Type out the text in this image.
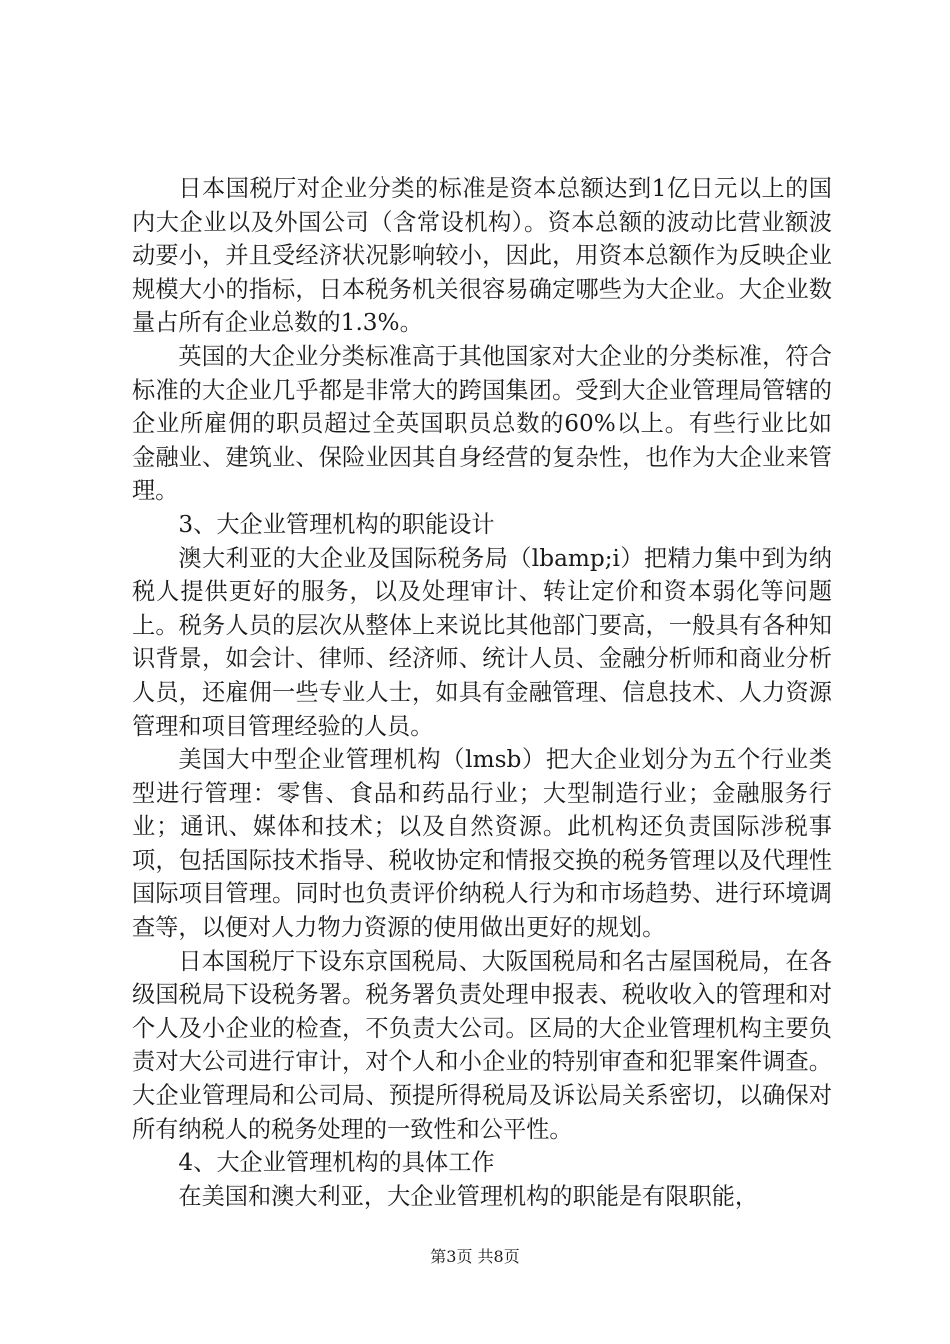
日本国税厅对企业分类的标准是资本总额达到1亿日元以上的国内大企业以及外国公司（含常设机构）。资本总额的波动比营业额波动要小，并且受经济状况影响较小，因此，用资本总额作为反映企业规模大小的指标，日本税务机关很容易确定哪些为大企业。大企业数量占所有企业总数的1.3%。

英国的大企业分类标准高于其他国家对大企业的分类标准，符合标准的大企业几乎都是非常大的跨国集团。受到大企业管理局管辖的企业所雇佣的职员超过全英国职员总数的60%以上。有些行业比如金融业、建筑业、保险业因其自身经营的复杂性，也作为大企业来管理。

3、大企业管理机构的职能设计

澳大利亚的大企业及国际税务局（lbamp;i）把精力集中到为纳税人提供更好的服务，以及处理审计、转让定价和资本弱化等问题上。税务人员的层次从整体上来说比其他部门要高，一般具有各种知识背景，如会计、律师、经济师、统计人员、金融分析师和商业分析人员，还雇佣一些专业人士，如具有金融管理、信息技术、人力资源管理和项目管理经验的人员。

美国大中型企业管理机构（lmsb）把大企业划分为五个行业类型进行管理：零售、食品和药品行业；大型制造行业；金融服务行业；通讯、媒体和技术；以及自然资源。此机构还负责国际涉税事项，包括国际技术指导、税收协定和情报交换的税务管理以及代理性国际项目管理。同时也负责评价纳税人行为和市场趋势、进行环境调查等，以便对人力物力资源的使用做出更好的规划。

日本国税厅下设东京国税局、大阪国税局和名古屋国税局，在各级国税局下设税务署。税务署负责处理申报表、税收收入的管理和对个人及小企业的检查，不负责大公司。区局的大企业管理机构主要负责对大公司进行审计，对个人和小企业的特别审查和犯罪案件调查。大企业管理局和公司局、预提所得税局及诉讼局关系密切，以确保对所有纳税人的税务处理的一致性和公平性。

4、大企业管理机构的具体工作

在美国和澳大利亚，大企业管理机构的职能是有限职能，

第3页 共8页
